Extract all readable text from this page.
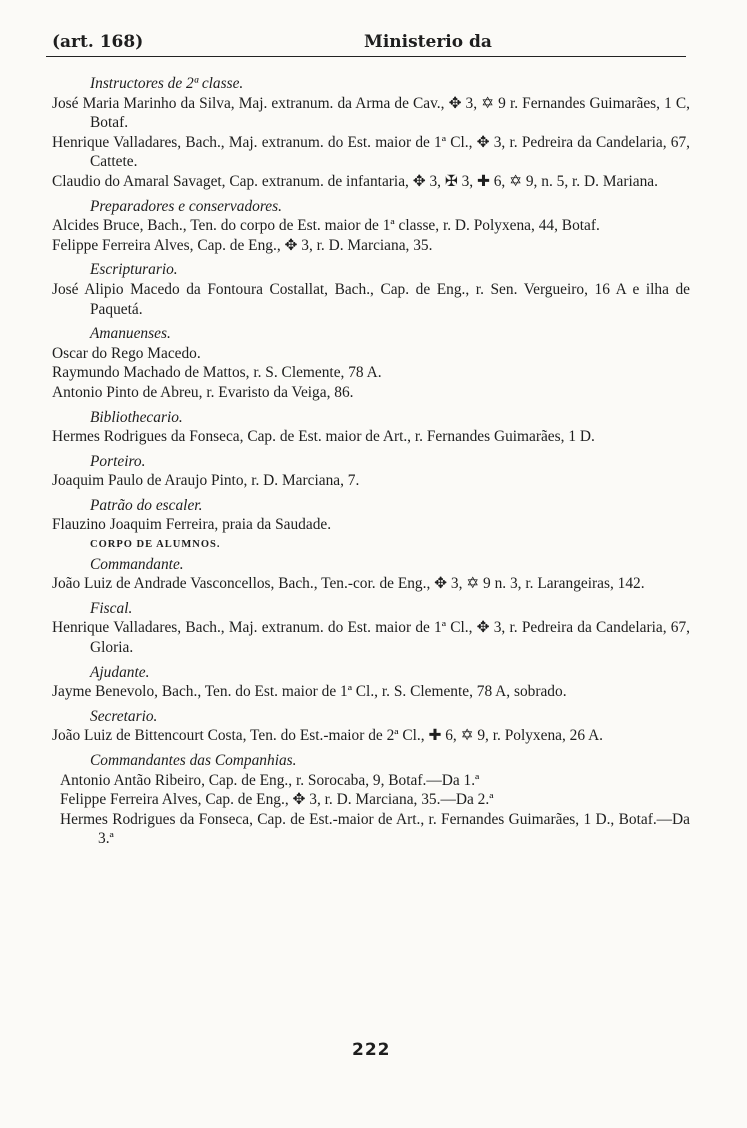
(art. 168)	Ministerio da
Instructores de 2ª classe.
José Maria Marinho da Silva, Maj. extranum. da Arma de Cav., ✥ 3, ✡ 9 r. Fernandes Guimarães, 1 C, Botaf.
Henrique Valladares, Bach., Maj. extranum. do Est. maior de 1ª Cl., ✥ 3, r. Pedreira da Candelaria, 67, Cattete.
Claudio do Amaral Savaget, Cap. extranum. de infantaria, ✥ 3, ✠ 3, ✚ 6, ✡ 9, n. 5, r. D. Mariana.
Preparadores e conservadores.
Alcides Bruce, Bach., Ten. do corpo de Est. maior de 1ª classe, r. D. Polyxena, 44, Botaf.
Felippe Ferreira Alves, Cap. de Eng., ✥ 3, r. D. Marciana, 35.
Escripturario.
José Alipio Macedo da Fontoura Costallat, Bach., Cap. de Eng., r. Sen. Vergueiro, 16 A e ilha de Paquetá.
Amanuenses.
Oscar do Rego Macedo.
Raymundo Machado de Mattos, r. S. Clemente, 78 A.
Antonio Pinto de Abreu, r. Evaristo da Veiga, 86.
Bibliothecario.
Hermes Rodrigues da Fonseca, Cap. de Est. maior de Art., r. Fernandes Guimarães, 1 D.
Porteiro.
Joaquim Paulo de Araujo Pinto, r. D. Marciana, 7.
Patrão do escaler.
Flauzino Joaquim Ferreira, praia da Saudade.
CORPO DE ALUMNOS.
Commandante.
João Luiz de Andrade Vasconcellos, Bach., Ten.-cor. de Eng., ✥ 3, ✡ 9 n. 3, r. Larangeiras, 142.
Fiscal.
Henrique Valladares, Bach., Maj. extranum. do Est. maior de 1ª Cl., ✥ 3, r. Pedreira da Candelaria, 67, Gloria.
Ajudante.
Jayme Benevolo, Bach., Ten. do Est. maior de 1ª Cl., r. S. Clemente, 78 A, sobrado.
Secretario.
João Luiz de Bittencourt Costa, Ten. do Est.-maior de 2ª Cl., ✚ 6, ✡ 9, r. Polyxena, 26 A.
Commandantes das Companhias.
Antonio Antão Ribeiro, Cap. de Eng., r. Sorocaba, 9, Botaf.—Da 1.ª
Felippe Ferreira Alves, Cap. de Eng., ✥ 3, r. D. Marciana, 35.—Da 2.ª
Hermes Rodrigues da Fonseca, Cap. de Est.-maior de Art., r. Fernandes Guimarães, 1 D., Botaf.—Da 3.ª
222
